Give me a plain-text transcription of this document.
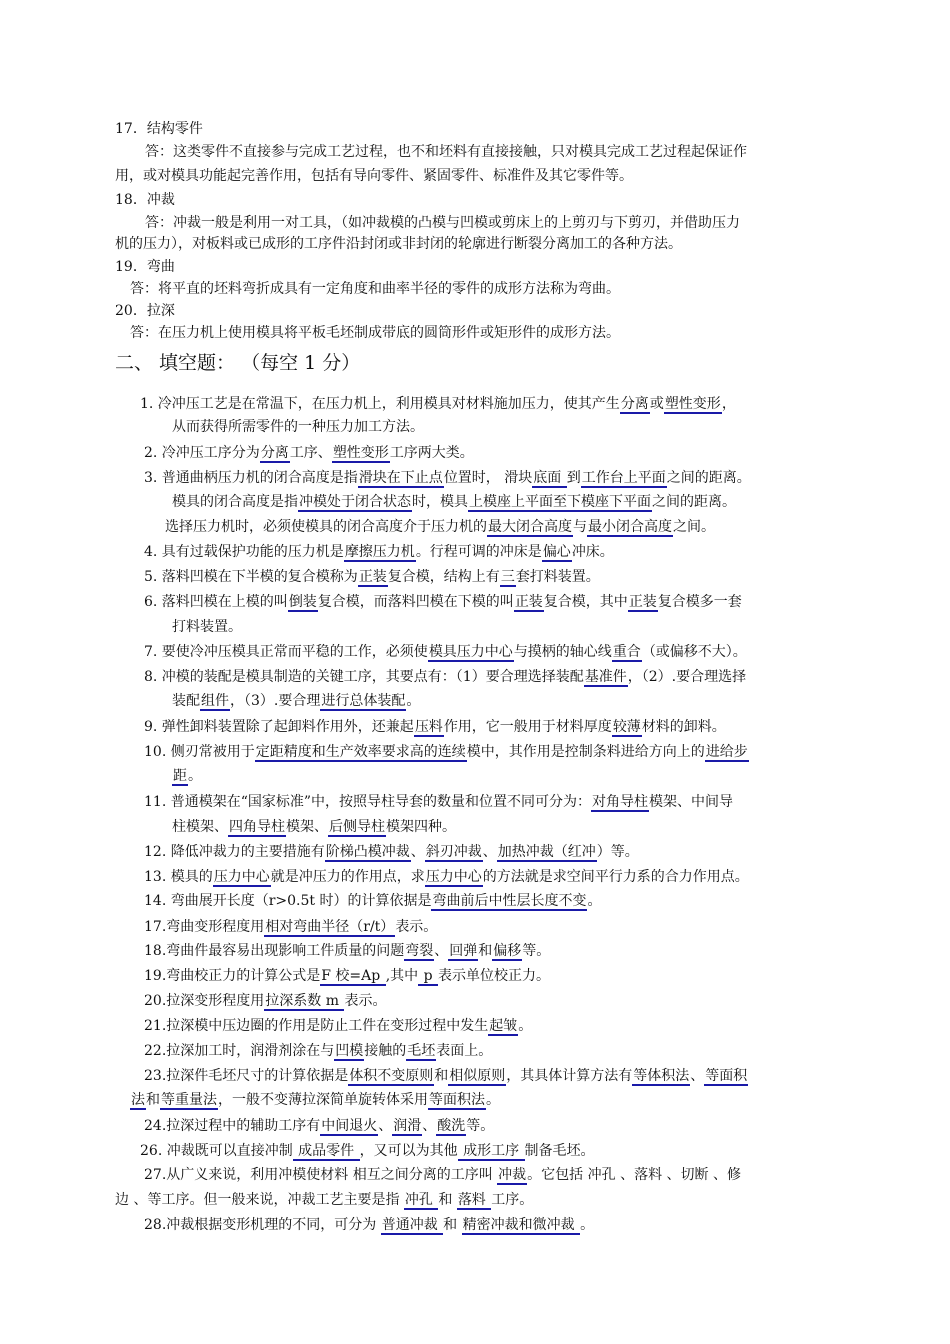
17．结构零件
答：这类零件不直接参与完成工艺过程，也不和坯料有直接接触，只对模具完成工艺过程起保证作
用，或对模具功能起完善作用，包括有导向零件、紧固零件、标准件及其它零件等。
18．冲裁
答：冲裁一般是利用一对工具，（如冲裁模的凸模与凹模或剪床上的上剪刃与下剪刃，并借助压力
机的压力），对板料或已成形的工序件沿封闭或非封闭的轮廓进行断裂分离加工的各种方法。
19．弯曲
答：将平直的坯料弯折成具有一定角度和曲率半径的零件的成形方法称为弯曲。
20．拉深
答：在压力机上使用模具将平板毛坯制成带底的圆筒形件或矩形件的成形方法。
二、 填空题： （每空 1 分）
1. 冷冲压工艺是在常温下，在压力机上，利用模具对材料施加压力，使其产生分离或塑性变形，
从而获得所需零件的一种压力加工方法。
2. 冷冲压工序分为分离工序、塑性变形工序两大类。
3. 普通曲柄压力机的闭合高度是指滑块在下止点位置时， 滑块底面 到工作台上平面之间的距离。
模具的闭合高度是指冲模处于闭合状态时，模具上模座上平面至下模座下平面之间的距离。
选择压力机时，必须使模具的闭合高度介于压力机的最大闭合高度与最小闭合高度之间。
4. 具有过载保护功能的压力机是摩擦压力机。行程可调的冲床是偏心冲床。
5. 落料凹模在下半模的复合模称为正装复合模，结构上有三套打料装置。
6. 落料凹模在上模的叫倒装复合模，而落料凹模在下模的叫正装复合模，其中正装复合模多一套
打料装置。
7. 要使冷冲压模具正常而平稳的工作，必须使模具压力中心与摸柄的轴心线重合（或偏移不大）。
8. 冲模的装配是模具制造的关键工序，其要点有：（1）要合理选择装配基准件，（2）.要合理选择
装配组件，（3）.要合理进行总体装配。
9. 弹性卸料装置除了起卸料作用外，还兼起压料作用，它一般用于材料厚度较薄材料的卸料。
10. 侧刃常被用于定距精度和生产效率要求高的连续模中，其作用是控制条料进给方向上的进给步
距。
11. 普通模架在“国家标准”中，按照导柱导套的数量和位置不同可分为：对角导柱模架、中间导
柱模架、四角导柱模架、后侧导柱模架四种。
12. 降低冲裁力的主要措施有阶梯凸模冲裁、斜刃冲裁、加热冲裁（红冲）等。
13. 模具的压力中心就是冲压力的作用点，求压力中心的方法就是求空间平行力系的合力作用点。
14. 弯曲展开长度（r>0.5t 时）的计算依据是弯曲前后中性层长度不变。
17.弯曲变形程度用相对弯曲半径（r/t）表示。
18.弯曲件最容易出现影响工件质量的问题弯裂、回弹和偏移等。
19.弯曲校正力的计算公式是F 校=Ap ,其中 p 表示单位校正力。
20.拉深变形程度用拉深系数 m 表示。
21.拉深模中压边圈的作用是防止工件在变形过程中发生起皱。
22.拉深加工时，润滑剂涂在与凹模接触的毛坯表面上。
23.拉深件毛坯尺寸的计算依据是体积不变原则和相似原则，其具体计算方法有等体积法、等面积
法和等重量法，一般不变薄拉深简单旋转体采用等面积法。
24.拉深过程中的辅助工序有中间退火、润滑、酸洗等。
26. 冲裁既可以直接冲制 成品零件 ，又可以为其他 成形工序 制备毛坯。
27.从广义来说，利用冲模使材料 相互之间分离的工序叫 冲裁。它包括 冲孔 、落料 、切断 、修
边 、等工序。但一般来说，冲裁工艺主要是指 冲孔 和 落料 工序。
28.冲裁根据变形机理的不同，可分为 普通冲裁 和 精密冲裁和微冲裁 。
